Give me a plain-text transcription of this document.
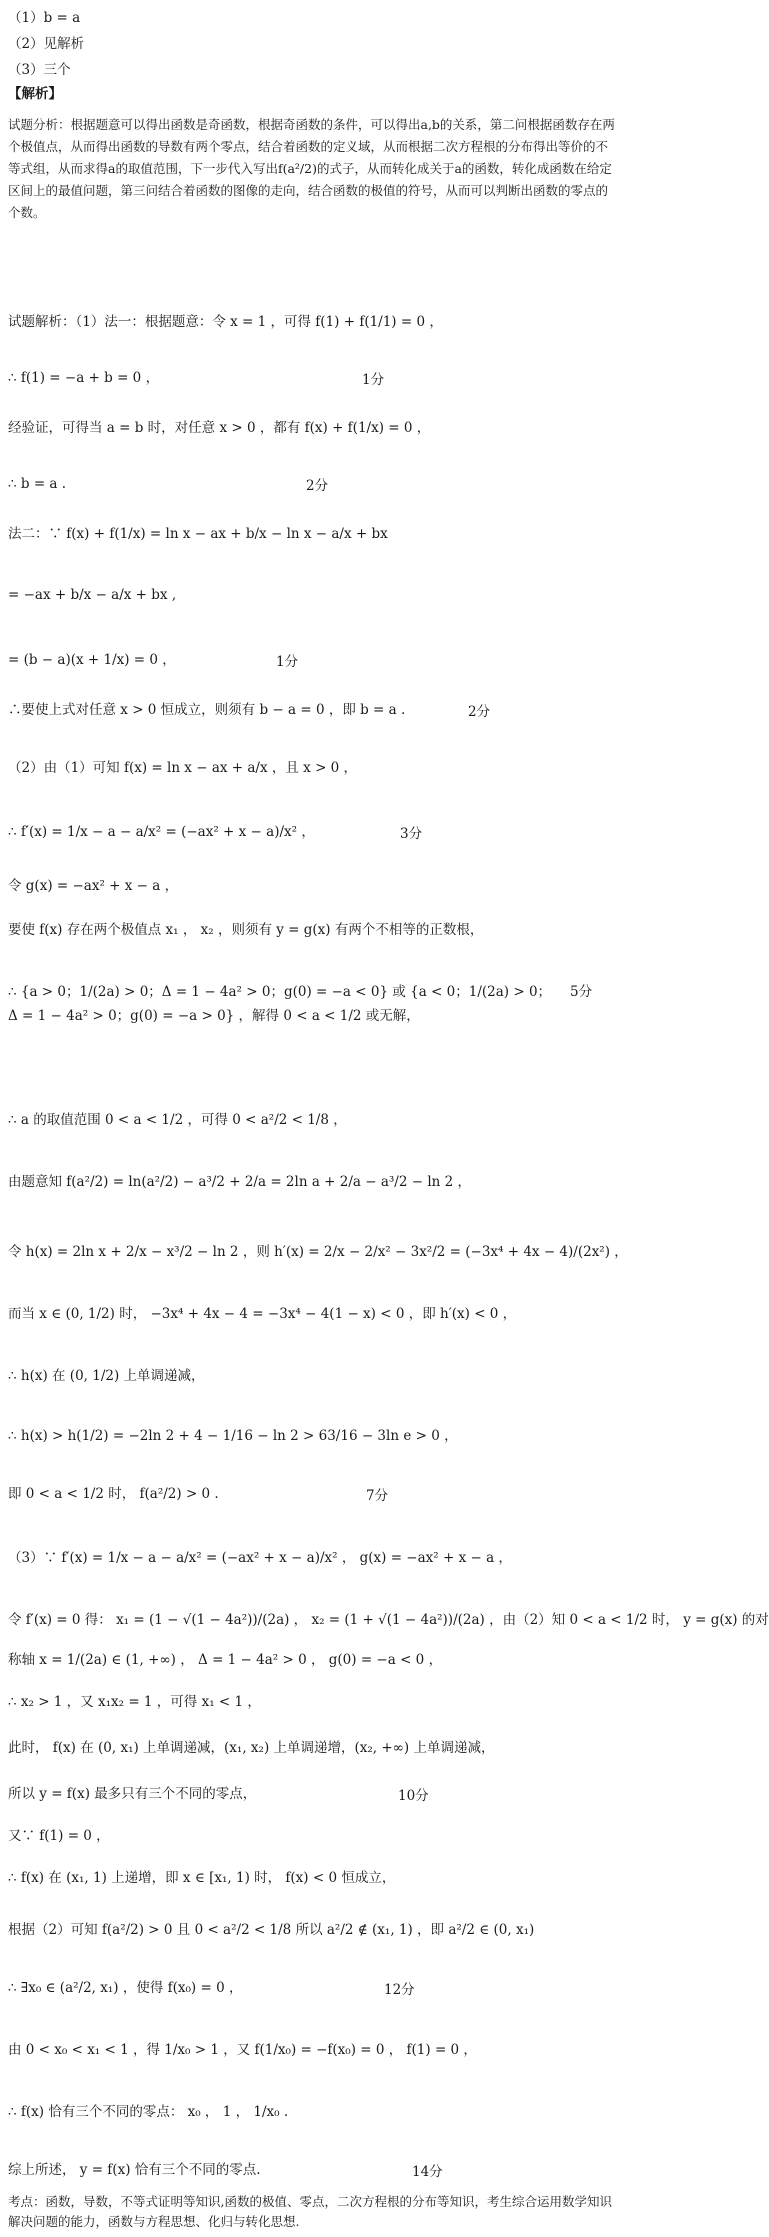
（1）b = a
（2）见解析
（3）三个
【解析】
试题分析：根据题意可以得出函数是奇函数，根据奇函数的条件，可以得出a,b的关系，第二问根据函数存在两个极值点，从而得出函数的导数有两个零点，结合着函数的定义域，从而根据二次方程根的分布得出等价的不等式组，从而求得a的取值范围，下一步代入写出f(a²/2)的式子，从而转化成关于a的函数，转化成函数在给定区间上的最值问题，第三问结合着函数的图像的走向，结合函数的极值的符号，从而可以判断出函数的零点的个数。
试题解析：（1）法一：根据题意：令 x = 1 ，可得 f(1) + f(1/1) = 0 ，
∴ f(1) = −a + b = 0 ，	1分
经验证，可得当 a = b 时，对任意 x > 0 ，都有 f(x) + f(1/x) = 0 ，
∴ b = a .	2分
法二：∵ f(x) + f(1/x) = ln x − ax + b/x − ln x − a/x + bx
= −ax + b/x − a/x + bx ,
= (b − a)(x + 1/x) = 0 ，	1分
∴要使上式对任意 x > 0 恒成立，则须有 b − a = 0 ，即 b = a .	2分
（2）由（1）可知 f(x) = ln x − ax + a/x ，且 x > 0 ，
∴ f′(x) = 1/x − a − a/x² = (−ax² + x − a)/x² ，	3分
令 g(x) = −ax² + x − a ，
要使 f(x) 存在两个极值点 x₁ ， x₂ ，则须有 y = g(x) 有两个不相等的正数根，
∴ {a > 0；1/(2a) > 0；Δ = 1 − 4a² > 0；g(0) = −a < 0} 或 {a < 0；1/(2a) > 0；Δ = 1 − 4a² > 0；g(0) = −a > 0} ，解得 0 < a < 1/2 或无解，
5分
∴ a 的取值范围 0 < a < 1/2 ，可得 0 < a²/2 < 1/8 ，
由题意知 f(a²/2) = ln(a²/2) − a³/2 + 2/a = 2ln a + 2/a − a³/2 − ln 2 ，
令 h(x) = 2ln x + 2/x − x³/2 − ln 2 ，则 h′(x) = 2/x − 2/x² − 3x²/2 = (−3x⁴ + 4x − 4)/(2x²) ，
而当 x ∈ (0, 1/2) 时， −3x⁴ + 4x − 4 = −3x⁴ − 4(1 − x) < 0 ，即 h′(x) < 0 ，
∴ h(x) 在 (0, 1/2) 上单调递减，
∴ h(x) > h(1/2) = −2ln 2 + 4 − 1/16 − ln 2 > 63/16 − 3ln e > 0 ，
即 0 < a < 1/2 时， f(a²/2) > 0 .	7分
（3）∵ f′(x) = 1/x − a − a/x² = (−ax² + x − a)/x² ， g(x) = −ax² + x − a ，
令 f′(x) = 0 得： x₁ = (1 − √(1 − 4a²))/(2a) ， x₂ = (1 + √(1 − 4a²))/(2a) ，由（2）知 0 < a < 1/2 时， y = g(x) 的对
称轴 x = 1/(2a) ∈ (1, +∞) ， Δ = 1 − 4a² > 0 ， g(0) = −a < 0 ，
∴ x₂ > 1 ，又 x₁x₂ = 1 ，可得 x₁ < 1 ，
此时， f(x) 在 (0, x₁) 上单调递减，(x₁, x₂) 上单调递增，(x₂, +∞) 上单调递减，
所以 y = f(x) 最多只有三个不同的零点，	10分
又∵ f(1) = 0 ，
∴ f(x) 在 (x₁, 1) 上递增，即 x ∈ [x₁, 1) 时， f(x) < 0 恒成立，
根据（2）可知 f(a²/2) > 0 且 0 < a²/2 < 1/8 所以 a²/2 ∉ (x₁, 1) ，即 a²/2 ∈ (0, x₁)
∴ ∃x₀ ∈ (a²/2, x₁) ，使得 f(x₀) = 0 ，	12分
由 0 < x₀ < x₁ < 1 ，得 1/x₀ > 1 ，又 f(1/x₀) = −f(x₀) = 0 ， f(1) = 0 ，
∴ f(x) 恰有三个不同的零点： x₀ ， 1 ， 1/x₀ .
综上所述， y = f(x) 恰有三个不同的零点.	14分
考点：函数，导数，不等式证明等知识,函数的极值、零点，二次方程根的分布等知识，考生综合运用数学知识解决问题的能力，函数与方程思想、化归与转化思想.
